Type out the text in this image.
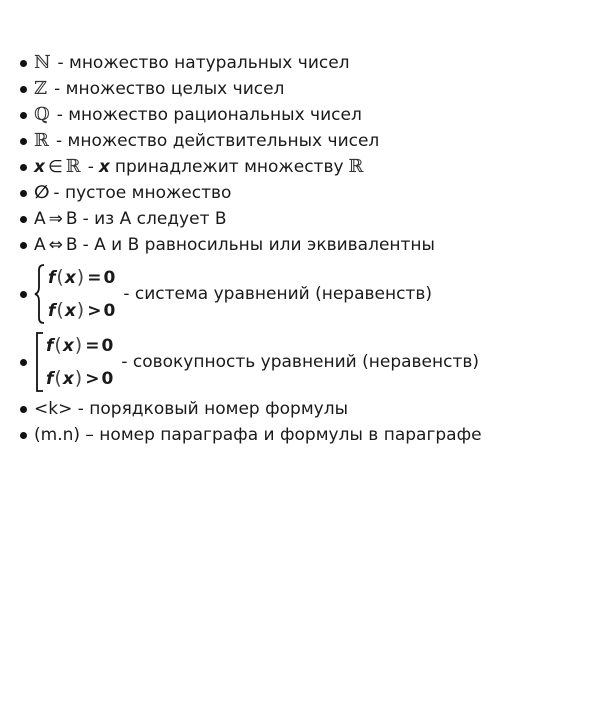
ℕ - множество натуральных чисел
ℤ - множество целых чисел
ℚ - множество рациональных чисел
ℝ - множество действительных чисел
x ∈ ℝ - x принадлежит множеству ℝ
∅ - пустое множество
A ⇒ B - из A следует B
A ⇔ B - A и B равносильны или эквивалентны
f(x) = 0
f(x) > 0
- система уравнений (неравенств)
f(x) = 0
f(x) > 0
- совокупность уравнений (неравенств)
<k> - порядковый номер формулы
(m.n) – номер параграфа и формулы в параграфе
